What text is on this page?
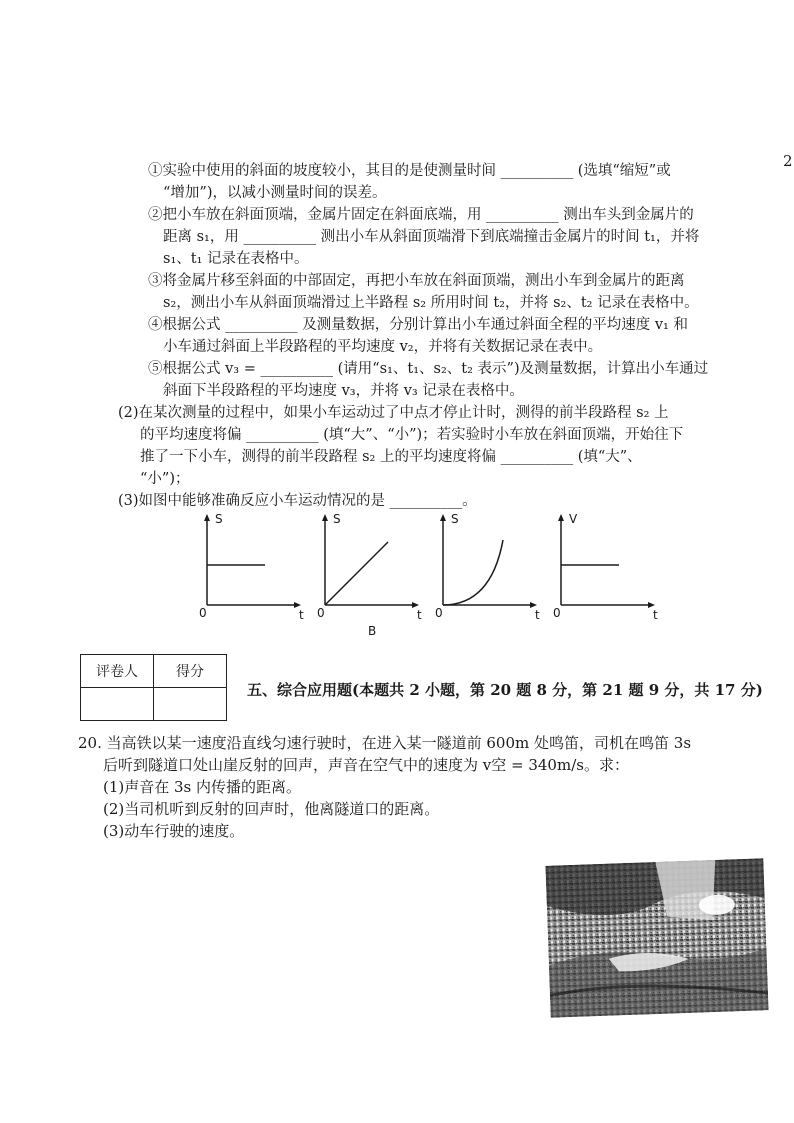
2
①实验中使用的斜面的坡度较小，其目的是使测量时间 __________ (选填“缩短”或
“增加”)，以减小测量时间的误差。
②把小车放在斜面顶端，金属片固定在斜面底端，用 __________ 测出车头到金属片的
距离 s₁，用 __________ 测出小车从斜面顶端滑下到底端撞击金属片的时间 t₁，并将
s₁、t₁ 记录在表格中。
③将金属片移至斜面的中部固定，再把小车放在斜面顶端，测出小车到金属片的距离
s₂，测出小车从斜面顶端滑过上半路程 s₂ 所用时间 t₂，并将 s₂、t₂ 记录在表格中。
④根据公式 __________ 及测量数据，分别计算出小车通过斜面全程的平均速度 v₁ 和
小车通过斜面上半段路程的平均速度 v₂，并将有关数据记录在表中。
⑤根据公式 v₃ = __________ (请用“s₁、t₁、s₂、t₂ 表示”)及测量数据，计算出小车通过
斜面下半段路程的平均速度 v₃，并将 v₃ 记录在表格中。
(2)在某次测量的过程中，如果小车运动过了中点才停止计时，测得的前半段路程 s₂ 上
的平均速度将偏 __________ (填“大”、“小”)；若实验时小车放在斜面顶端，开始往下
推了一下小车，测得的前半段路程 s₂ 上的平均速度将偏 __________ (填“大”、
“小”)；
(3)如图中能够准确反应小车运动情况的是 __________。
S
0	t
S
0	t
S
0	t
V
0	t
B
评卷人	得分

五、综合应用题(本题共 2 小题，第 20 题 8 分，第 21 题 9 分，共 17 分)
20. 当高铁以某一速度沿直线匀速行驶时，在进入某一隧道前 600m 处鸣笛，司机在鸣笛 3s
后听到隧道口处山崖反射的回声，声音在空气中的速度为 v空 = 340m/s。求：
(1)声音在 3s 内传播的距离。
(2)当司机听到反射的回声时，他离隧道口的距离。
(3)动车行驶的速度。
